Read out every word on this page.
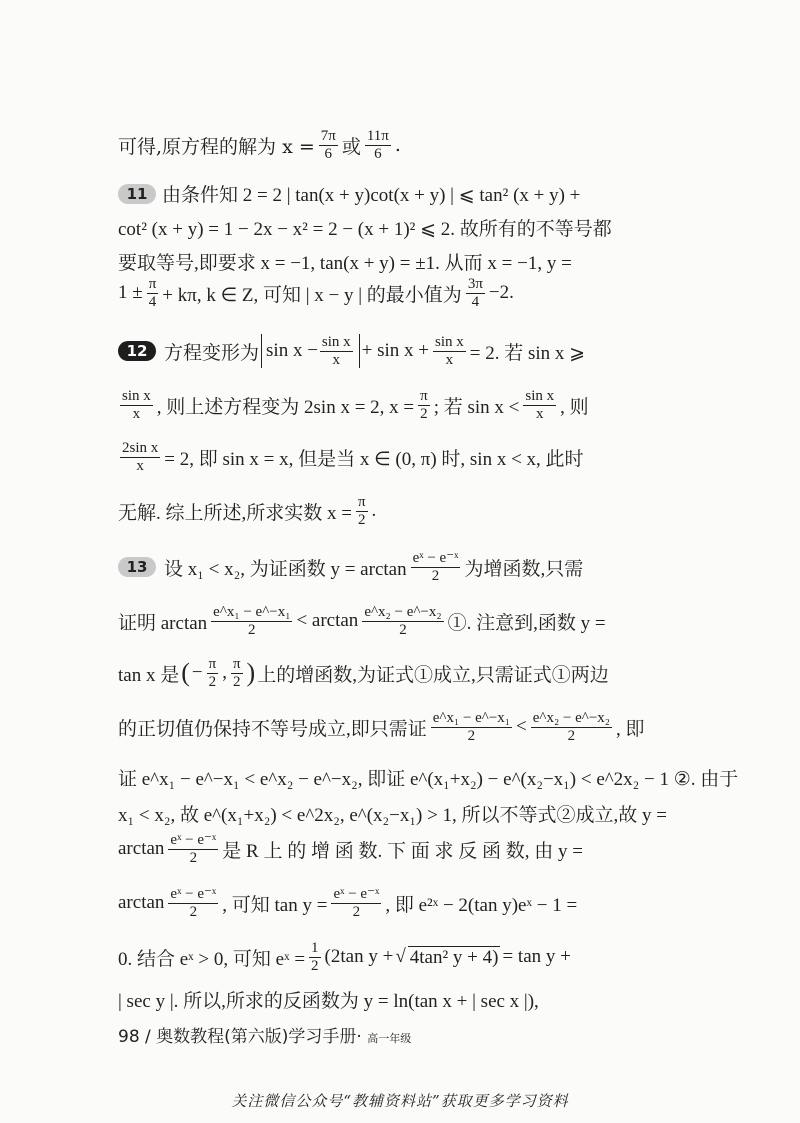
可得,原方程的解为 $x = \frac{7\pi}{6}$ 或 $\frac{11\pi}{6}$ .
11 由条件知 2 = 2 | tan(x + y)cot(x + y) | ⩽ tan² (x + y) +
cot² (x + y) = 1 − 2x − x² = 2 − (x + 1)² ⩽ 2. 故所有的不等号都
要取等号,即要求 x = −1, tan(x + y) = ±1. 从而 x = −1, y =
$1 \pm \frac{\pi}{4} + k\pi$, k ∈ Z, 可知 | x − y | 的最小值为 $\frac{3\pi}{4} -2$.
12 方程变形为 $\sin x - \frac{\text{sin x}}{x} + \sin x + \frac{\text{sin x}}{x} = 2$. 若 sin x ⩾
$\frac{\text{sin x}}{x}$ , 则上述方程变为 2sin x = 2, $x = \frac{\pi}{2}$ ; 若 $\sin x < \frac{\text{sin x}}{x}$ , 则
$\frac{\text{2sin x}}{x} = 2$, 即 sin x = x, 但是当 x ∈ (0, π) 时, sin x < x, 此时
无解. 综上所述,所求实数 $x = \frac{\pi}{2}$ .
13 设 x₁ < x₂, 为证函数 $y = \arctan \frac{\text{eˣ − e⁻ˣ}}{2}$ 为增函数,只需
证明 $\arctan \frac{\text{e\textasciicircum{}x₁ − e\textasciicircum{}−x₁}}{2} < \arctan \frac{\text{e\textasciicircum{}x₂ − e\textasciicircum{}−x₂}}{2}$ ①. 注意到,函数 y =
tan x 是 ( − $\frac{\pi}{2}$ , $\frac{\pi}{2}$ ) 上的增函数,为证式①成立,只需证式①两边
的正切值仍保持不等号成立,即只需证 $\frac{\text{e\textasciicircum{}x₁ − e\textasciicircum{}−x₁}}{2} < \frac{\text{e\textasciicircum{}x₂ − e\textasciicircum{}−x₂}}{2}$ , 即
证 e^x₁ − e^−x₁ < e^x₂ − e^−x₂, 即证 e^(x₁+x₂) − e^(x₂−x₁) < e^2x₂ − 1 ②. 由于
x₁ < x₂, 故 e^(x₁+x₂) < e^2x₂, e^(x₂−x₁) > 1, 所以不等式②成立,故 y =
$\arctan \frac{\text{eˣ − e⁻ˣ}}{2}$ 是 R 上 的 增 函 数. 下 面 求 反 函 数, 由 y =
$\arctan \frac{\text{eˣ − e⁻ˣ}}{2}$ , 可知 $\tan y = \frac{\text{eˣ − e⁻ˣ}}{2}$ , 即 e²ˣ − 2(tan y)eˣ − 1 =
0. 结合 eˣ > 0, 可知 eˣ = $\frac{1}{2} (2\tan$ y + √ 4tan² y + 4) = tan y +
| sec y |. 所以,所求的反函数为 y = ln(tan x + | sec x |),
98 / 奥数教程(第六版)学习手册· 高一年级
关注微信公众号“教辅资料站”获取更多学习资料
